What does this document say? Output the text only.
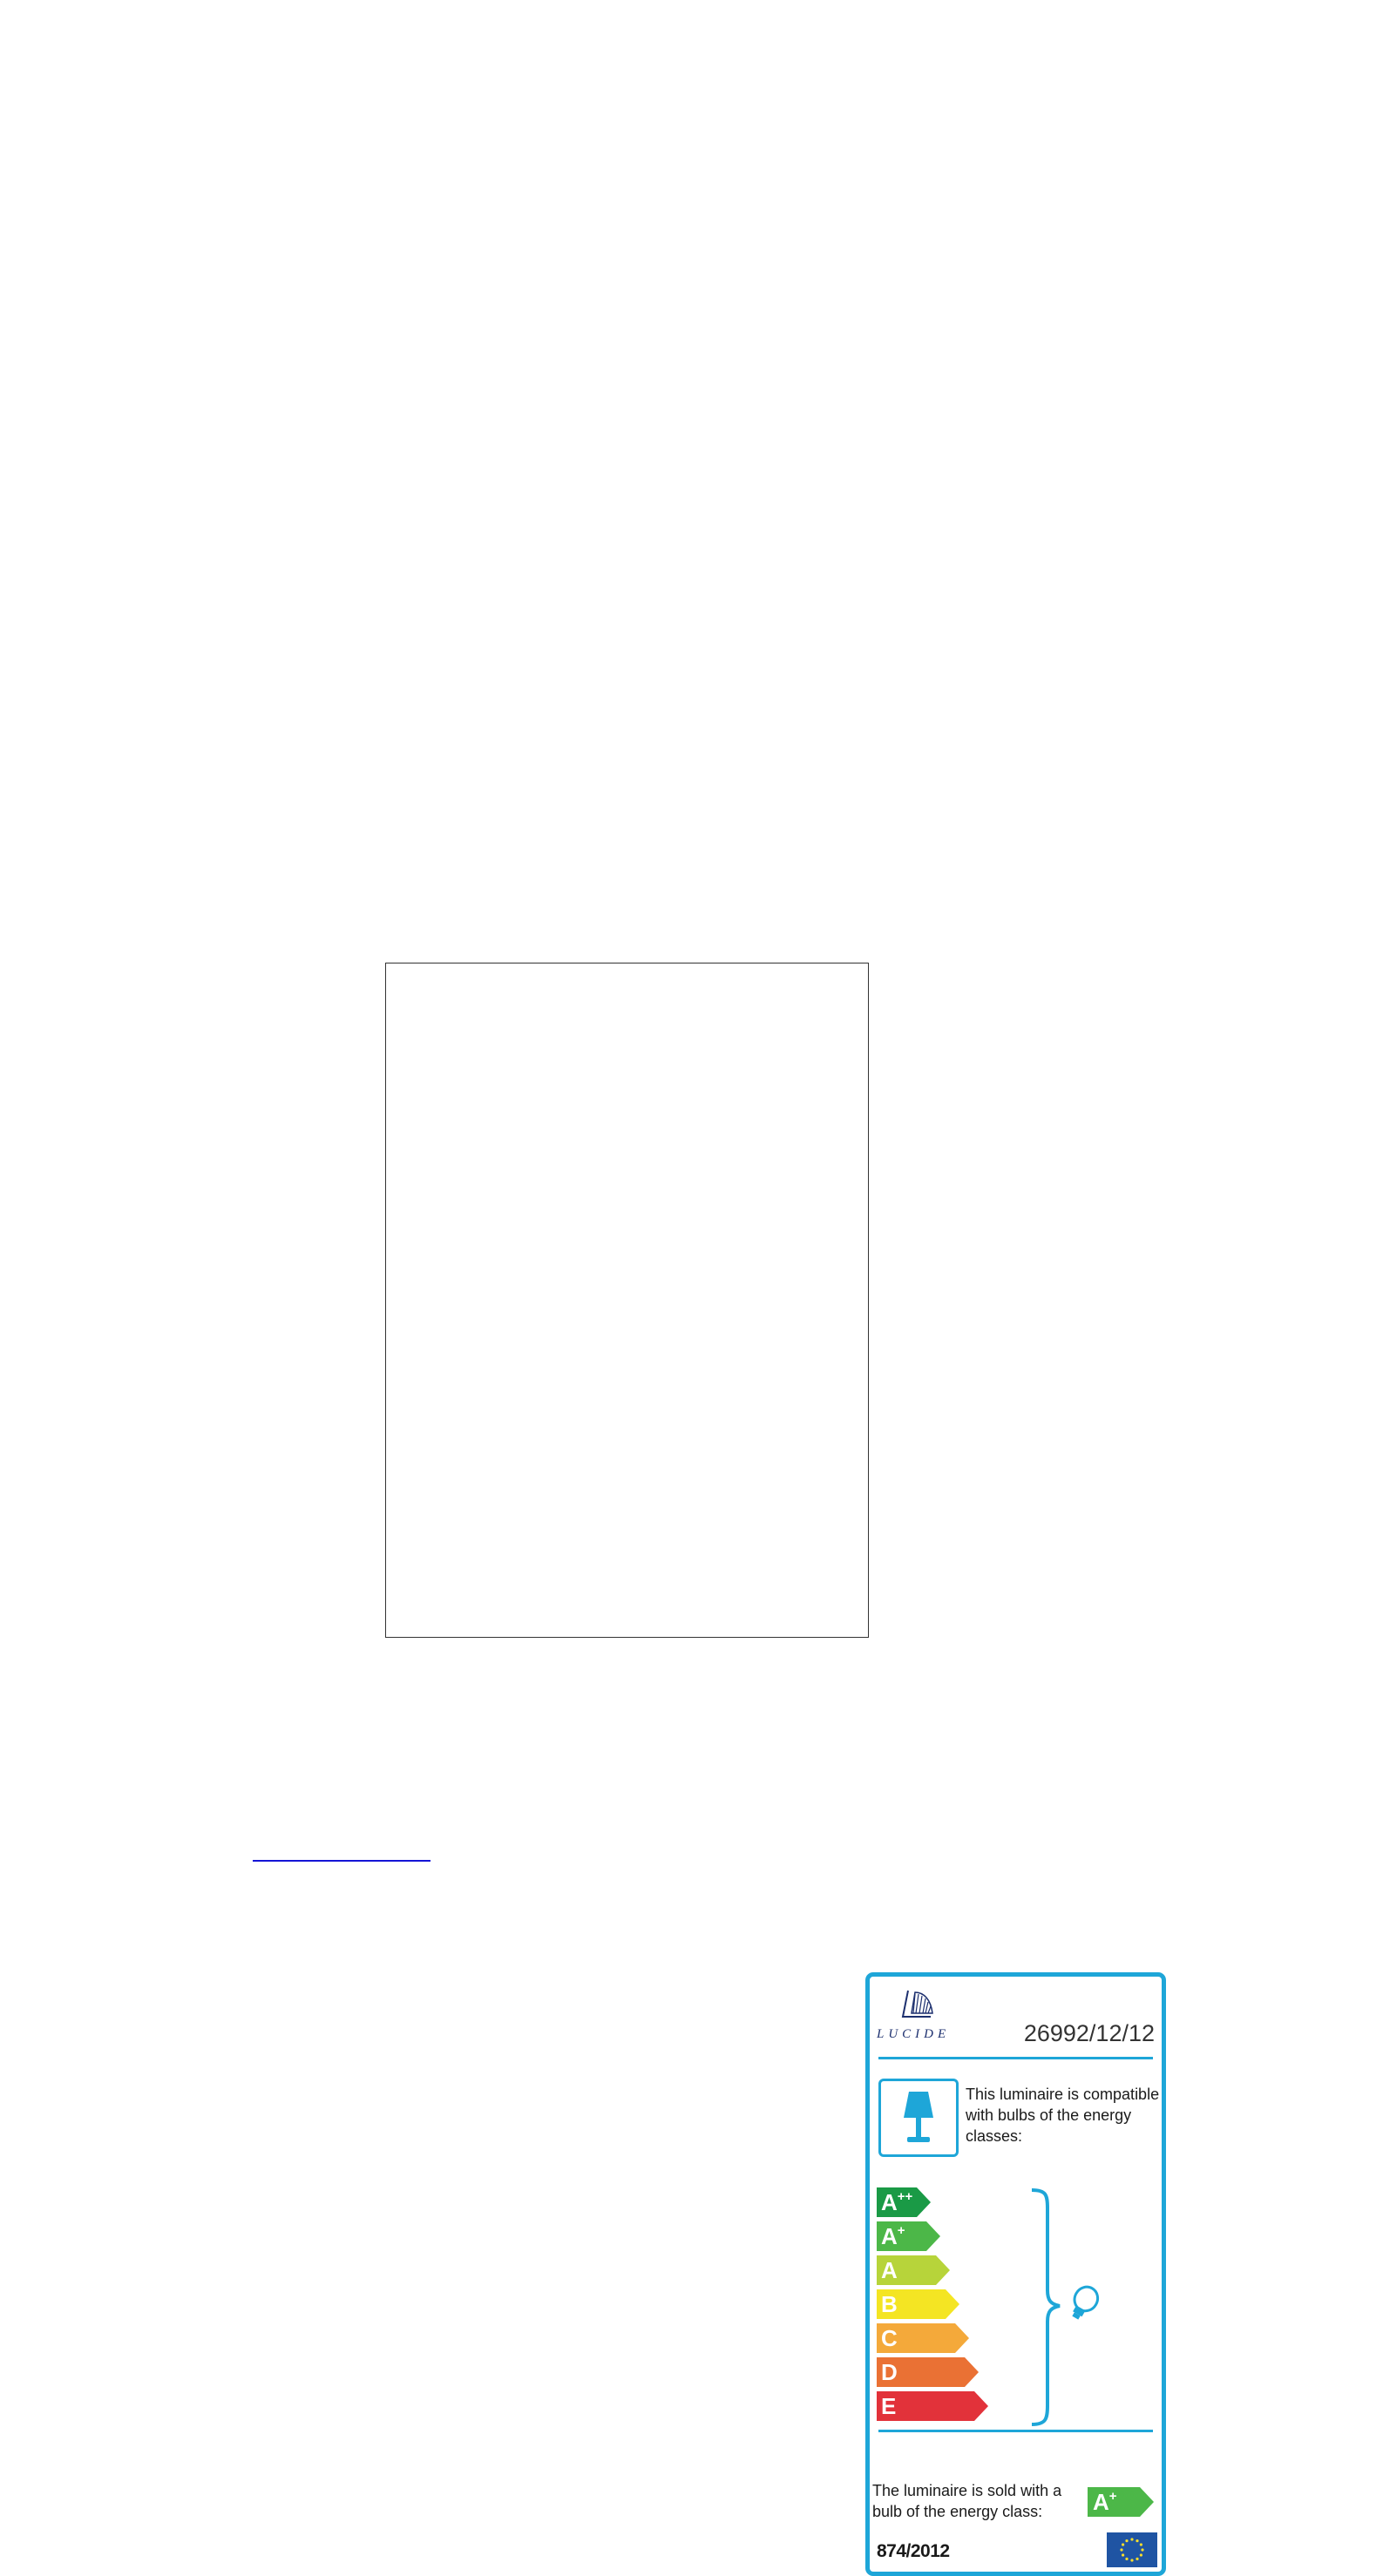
LUCIDE	26992/12/12
This luminaire is compatible with bulbs of the energy classes:
A++
A+
A
B
C
D
E
The luminaire is sold with a bulb of the energy class:	A+
874/2012
